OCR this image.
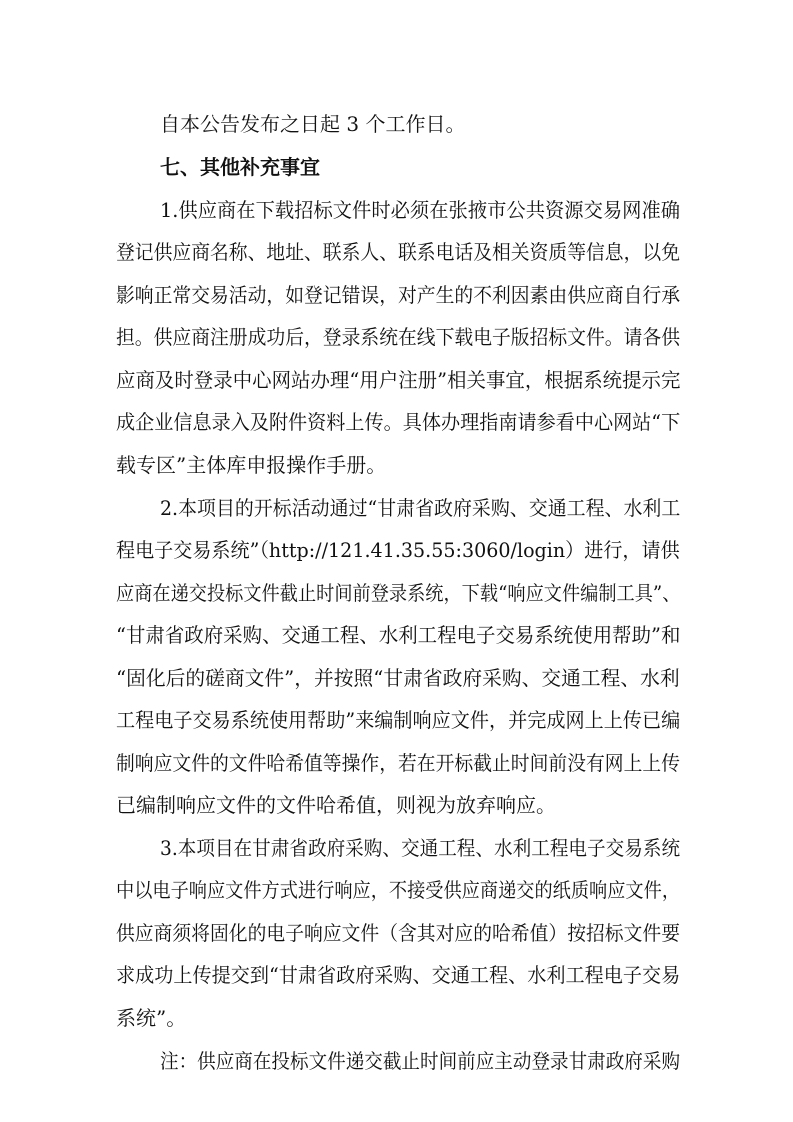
自本公告发布之日起 3 个工作日。
七、其他补充事宜
1.供应商在下载招标文件时必须在张掖市公共资源交易网准确
登记供应商名称、地址、联系人、联系电话及相关资质等信息，以免
影响正常交易活动，如登记错误，对产生的不利因素由供应商自行承
担。供应商注册成功后，登录系统在线下载电子版招标文件。请各供
应商及时登录中心网站办理“用户注册”相关事宜，根据系统提示完
成企业信息录入及附件资料上传。具体办理指南请参看中心网站“下
载专区”主体库申报操作手册。
2.本项目的开标活动通过“甘肃省政府采购、交通工程、水利工
程电子交易系统”（http://121.41.35.55:3060/login）进行，请供
应商在递交投标文件截止时间前登录系统，下载“响应文件编制工具”、
“甘肃省政府采购、交通工程、水利工程电子交易系统使用帮助”和
“固化后的磋商文件”，并按照“甘肃省政府采购、交通工程、水利
工程电子交易系统使用帮助”来编制响应文件，并完成网上上传已编
制响应文件的文件哈希值等操作，若在开标截止时间前没有网上上传
已编制响应文件的文件哈希值，则视为放弃响应。
3.本项目在甘肃省政府采购、交通工程、水利工程电子交易系统
中以电子响应文件方式进行响应，不接受供应商递交的纸质响应文件，
供应商须将固化的电子响应文件（含其对应的哈希值）按招标文件要
求成功上传提交到“甘肃省政府采购、交通工程、水利工程电子交易
系统”。
注：供应商在投标文件递交截止时间前应主动登录甘肃政府采购
